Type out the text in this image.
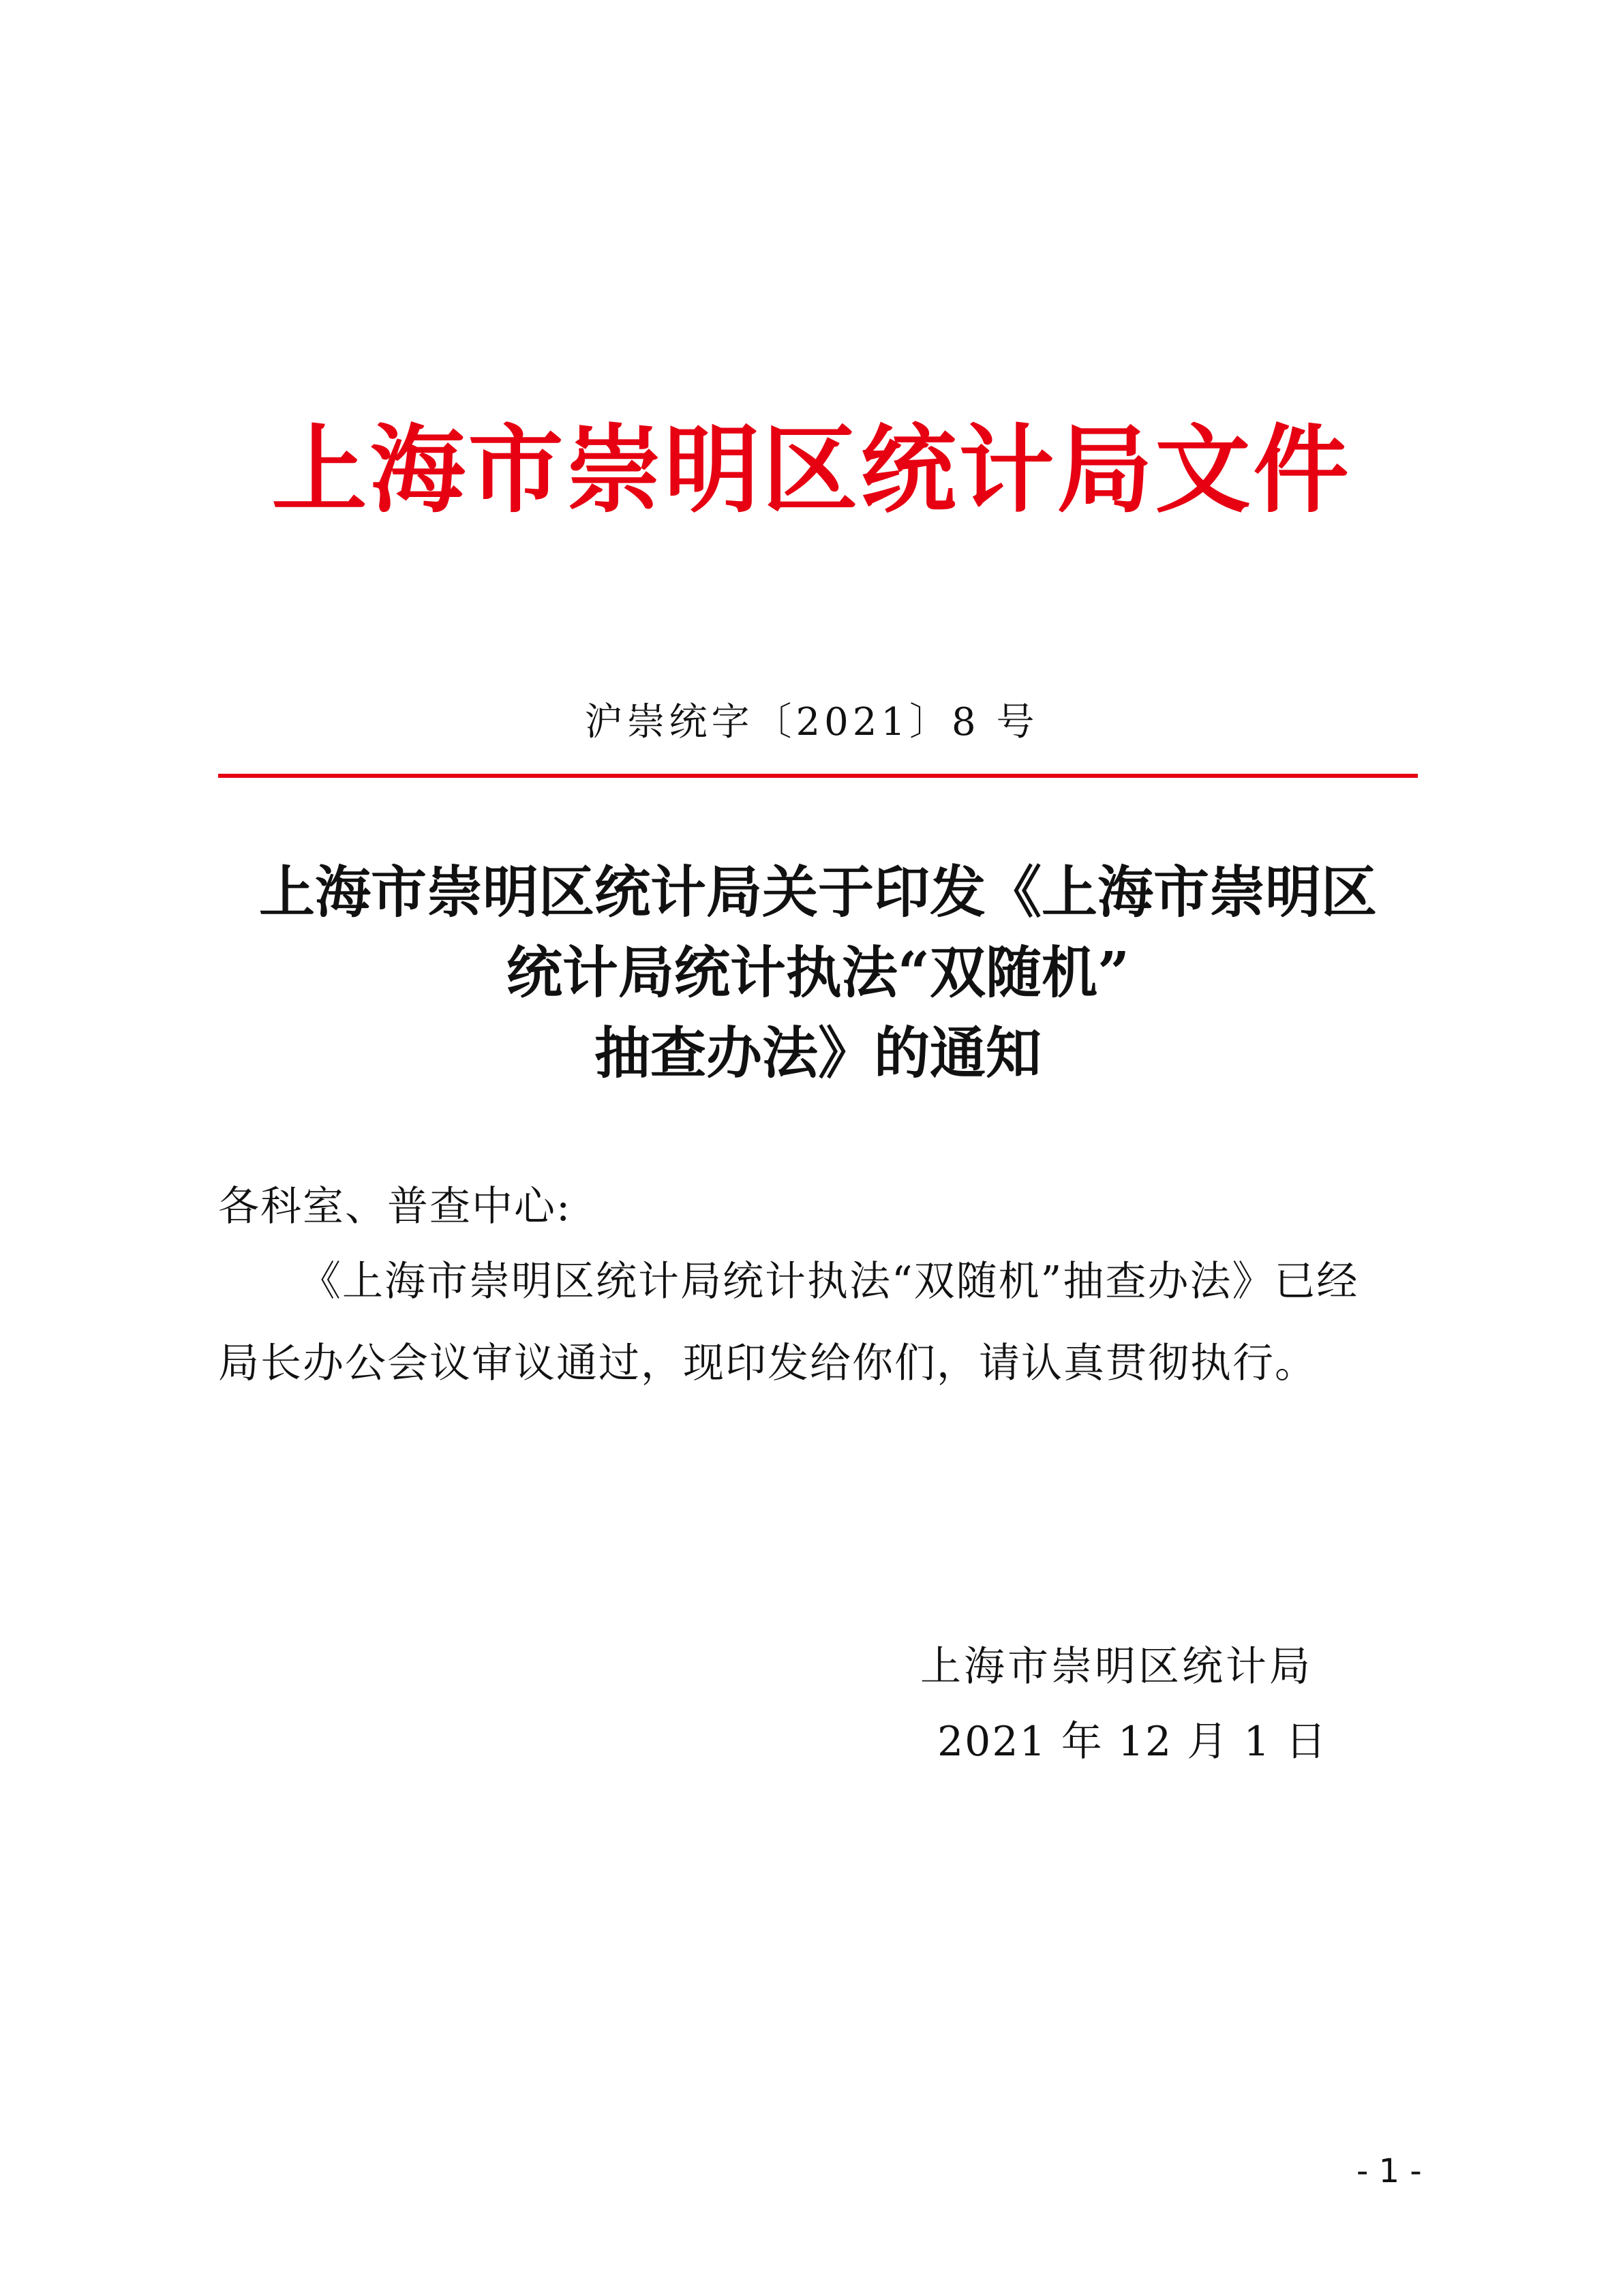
上海市崇明区统计局文件
沪崇统字〔2021〕8 号
上海市崇明区统计局关于印发《上海市崇明区
统计局统计执法“双随机”
抽查办法》的通知
各科室、普查中心:
《上海市崇明区统计局统计执法“双随机”抽查办法》已经
局长办公会议审议通过，现印发给你们，请认真贯彻执行。
上海市崇明区统计局
2021 年 12 月 1 日
- 1 -
